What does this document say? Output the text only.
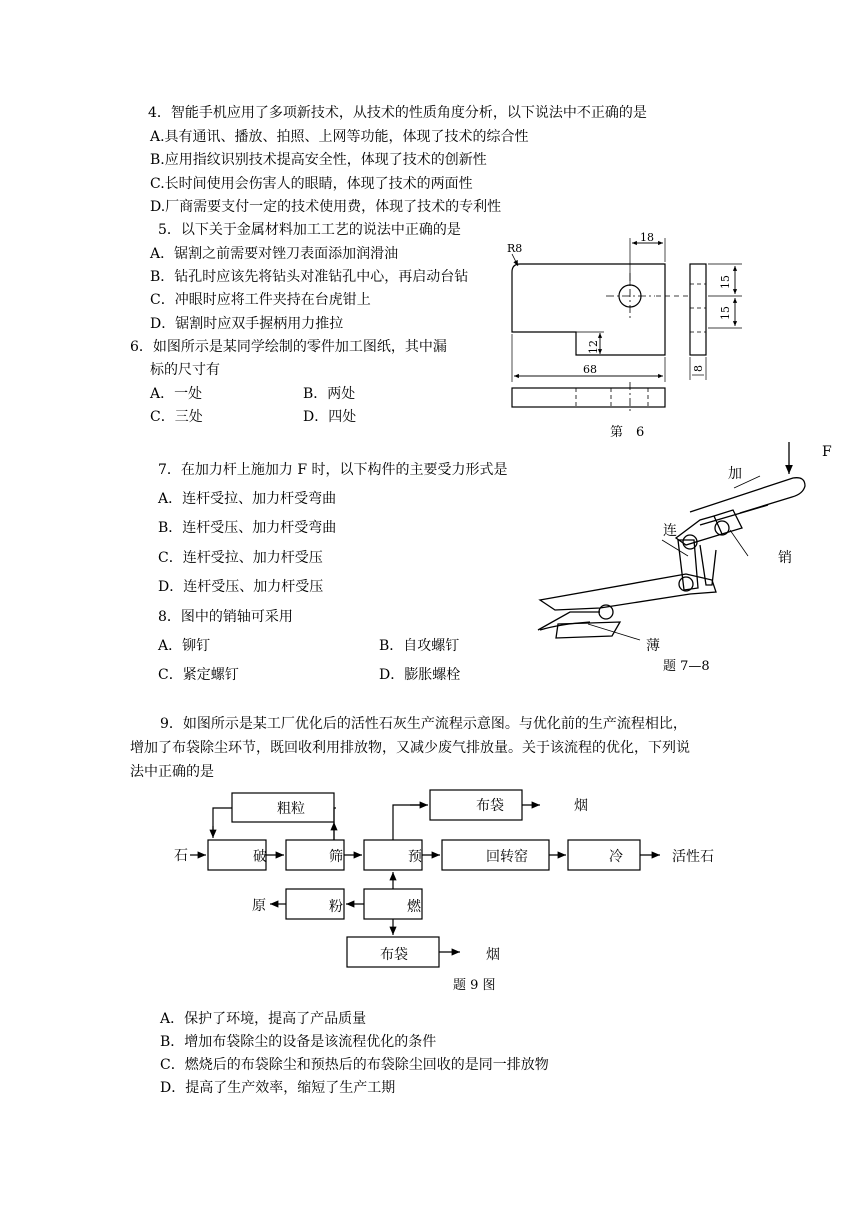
4．智能手机应用了多项新技术，从技术的性质角度分析，以下说法中不正确的是
A.具有通讯、播放、拍照、上网等功能，体现了技术的综合性
B.应用指纹识别技术提高安全性，体现了技术的创新性
C.长时间使用会伤害人的眼睛，体现了技术的两面性
D.厂商需要支付一定的技术使用费，体现了技术的专利性
5．以下关于金属材料加工工艺的说法中正确的是
A．锯割之前需要对锉刀表面添加润滑油
B．钻孔时应该先将钻头对准钻孔中心，再启动台钻
C．冲眼时应将工件夹持在台虎钳上
D．锯割时应双手握柄用力推拉
6．如图所示是某同学绘制的零件加工图纸，其中漏
标的尺寸有
A．一处	B．两处
C．三处	D．四处
7．在加力杆上施加力 F 时，以下构件的主要受力形式是
A．连杆受拉、加力杆受弯曲
B．连杆受压、加力杆受弯曲
C．连杆受拉、加力杆受压
D．连杆受压、加力杆受压
8．图中的销轴可采用
A．铆钉	B．自攻螺钉
C．紧定螺钉	D．膨胀螺栓
9．如图所示是某工厂优化后的活性石灰生产流程示意图。与优化前的生产流程相比，
增加了布袋除尘环节，既回收利用排放物，又减少废气排放量。关于该流程的优化，下列说
法中正确的是
A．保护了环境，提高了产品质量
B．增加布袋除尘的设备是该流程优化的条件
C．燃烧后的布袋除尘和预热后的布袋除尘回收的是同一排放物
D．提高了生产效率，缩短了生产工期
R8
18
12
68
15
15
8
第　6
F
加
连
销
薄
题 7—8
粗粒	布袋	烟
石	破	筛	预	回转窑	冷	活性石
原	粉	燃
布袋	烟
题 9 图
